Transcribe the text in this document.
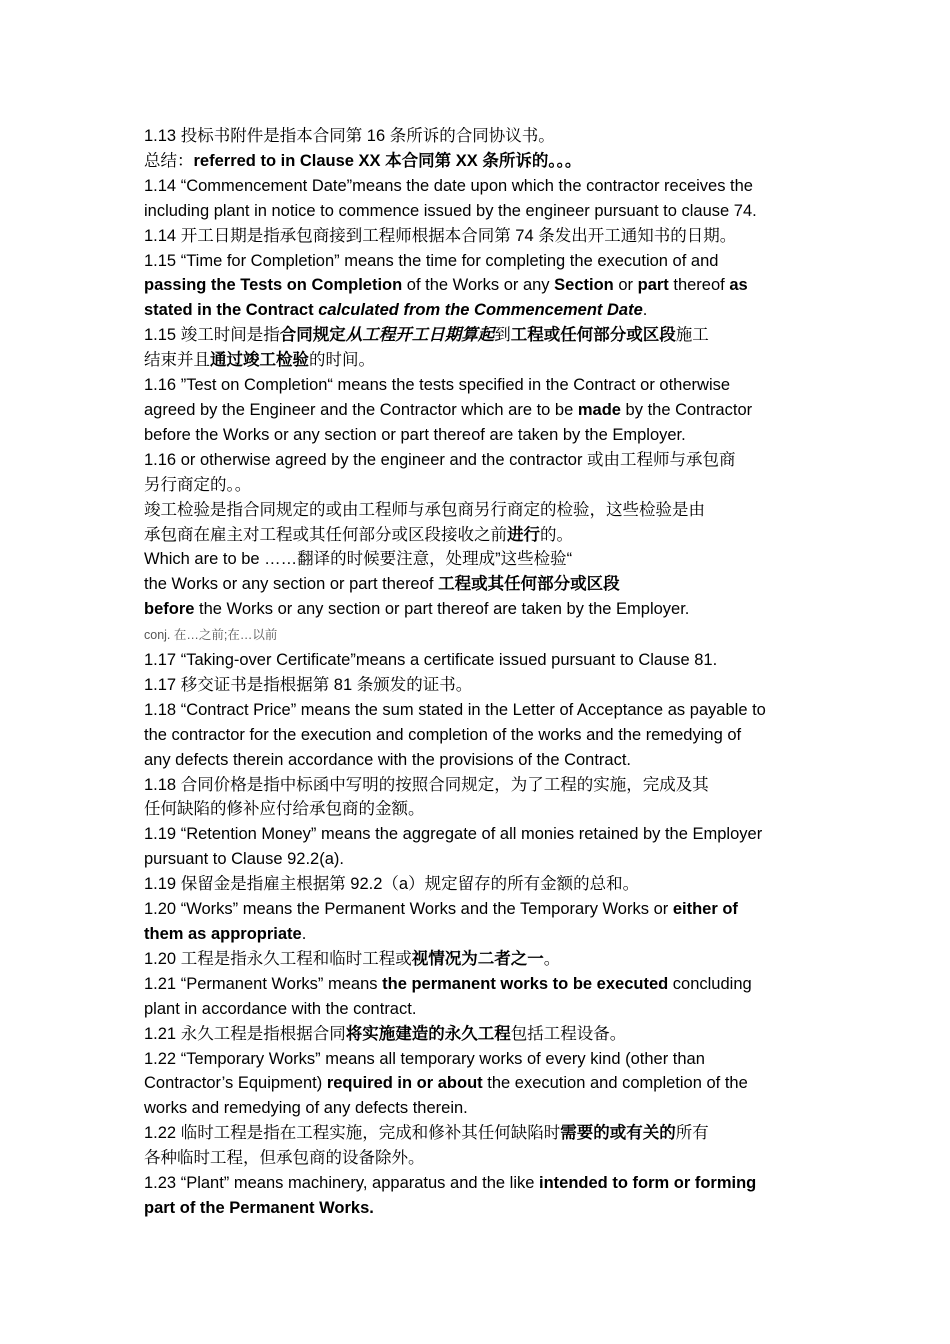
1.13 投标书附件是指本合同第 16 条所诉的合同协议书。
总结：referred to in Clause XX 本合同第 XX 条所诉的。。。
1.14 “Commencement Date”means the date upon which the contractor receives the
including plant in notice to commence issued by the engineer pursuant to clause 74.
1.14 开工日期是指承包商接到工程师根据本合同第 74 条发出开工通知书的日期。
1.15 “Time for Completion” means the time for completing the execution of and
passing the Tests on Completion of the Works or any Section or part thereof as
stated in the Contract calculated from the Commencement Date.
1.15 竣工时间是指合同规定从工程开工日期算起到工程或任何部分或区段施工
结束并且通过竣工检验的时间。
1.16 ”Test on Completion“ means the tests specified in the Contract or otherwise
agreed by the Engineer and the Contractor which are to be made by the Contractor
before the Works or any section or part thereof are taken by the Employer.
1.16 or otherwise agreed by the engineer and the contractor 或由工程师与承包商
另行商定的。。
竣工检验是指合同规定的或由工程师与承包商另行商定的检验，这些检验是由
承包商在雇主对工程或其任何部分或区段接收之前进行的。
Which are to be ……翻译的时候要注意，处理成”这些检验“
the Works or any section or part thereof 工程或其任何部分或区段
before the Works or any section or part thereof are taken by the Employer.
conj. 在…之前;在…以前
1.17 “Taking-over Certificate”means a certificate issued pursuant to Clause 81.
1.17 移交证书是指根据第 81 条颁发的证书。
1.18 “Contract Price” means the sum stated in the Letter of Acceptance as payable to
the contractor for the execution and completion of the works and the remedying of
any defects therein accordance with the provisions of the Contract.
1.18 合同价格是指中标函中写明的按照合同规定，为了工程的实施，完成及其
任何缺陷的修补应付给承包商的金额。
1.19 “Retention Money” means the aggregate of all monies retained by the Employer
pursuant to Clause 92.2(a).
1.19 保留金是指雇主根据第 92.2（a）规定留存的所有金额的总和。
1.20 “Works” means the Permanent Works and the Temporary Works or either of
them as appropriate.
1.20 工程是指永久工程和临时工程或视情况为二者之一。
1.21 “Permanent Works” means the permanent works to be executed concluding
plant in accordance with the contract.
1.21 永久工程是指根据合同将实施建造的永久工程包括工程设备。
1.22 “Temporary Works” means all temporary works of every kind (other than
Contractor’s Equipment) required in or about the execution and completion of the
works and remedying of any defects therein.
1.22 临时工程是指在工程实施，完成和修补其任何缺陷时需要的或有关的所有
各种临时工程，但承包商的设备除外。
1.23 “Plant” means machinery, apparatus and the like intended to form or forming
part of the Permanent Works.
